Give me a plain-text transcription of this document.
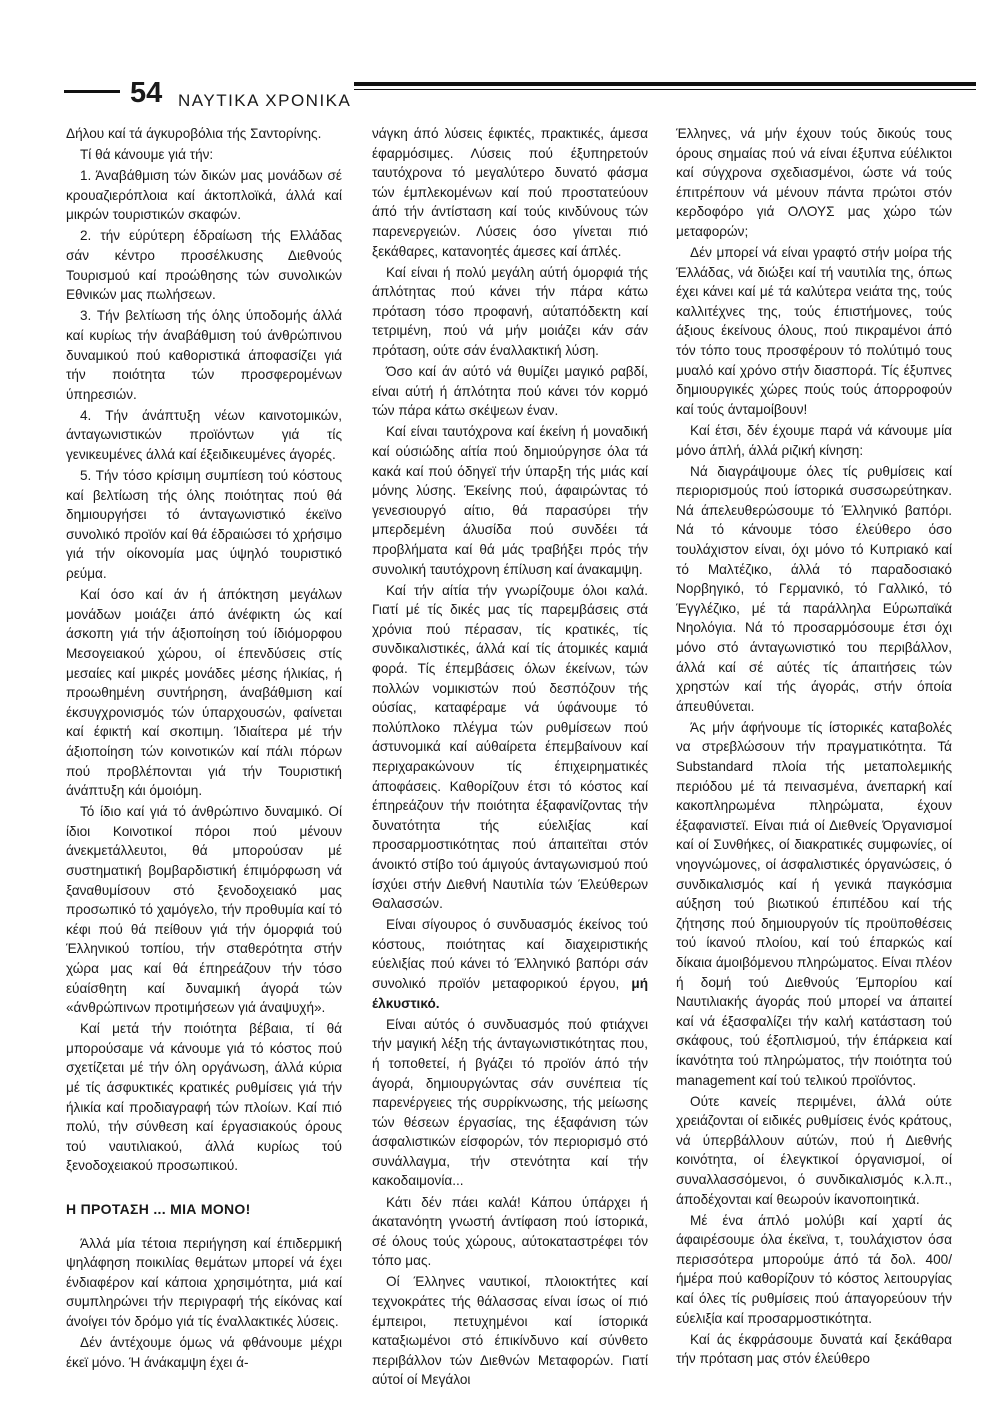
54 ΝΑΥΤΙΚΑ ΧΡΟΝΙΚΑ

Δήλου καί τά άγκυροβόλια τής Σαντορίνης.

Τί θά κάνουμε γιά τήν:

1. Άναβάθμιση τών δικών μας μονάδων σέ κρουαζιερόπλοια καί άκτοπλοϊκά, άλλά καί μικρών τουριστικών σκαφών.

2. τήν εύρύτερη έδραίωση τής Ελλάδας σάν κέντρο προσέλκυσης Διεθνούς Τουρισμού καί προώθησης τών συνολικών Εθνικών μας πωλήσεων.

3. Τήν βελτίωση τής όλης ύποδομής άλλά καί κυρίως τήν άναβάθμιση τού άνθρώπινου δυναμικού πού καθοριστικά άποφασίζει γιά τήν ποιότητα τών προσφερομένων ύπηρεσιών.

4. Τήν άνάπτυξη νέων καινοτομικών, άνταγωνιστικών προϊόντων γιά τίς γενικευμένες άλλά καί έξειδικευμένες άγορές.

5. Τήν τόσο κρίσιμη συμπίεση τού κόστους καί βελτίωση τής όλης ποιότητας πού θά δημιουργήσει τό άνταγωνιστικό έκεϊνο συνολικό προϊόν καί θά έδραιώσει τό χρήσιμο γιά τήν οίκονομία μας ύψηλό τουριστικό ρεύμα.

Καί όσο καί άν ή άπόκτηση μεγάλων μονάδων μοιάζει άπό άνέφικτη ώς καί άσκοπη γιά τήν άξιοποίηση τού ίδιόμορφου Μεσογειακού χώρου, οί έπενδύσεις στίς μεσαίες καί μικρές μονάδες μέσης ήλικίας, ή προωθημένη συντήρηση, άναβάθμιση καί έκσυγχρονισμός τών ύπαρχουσών, φαίνεται καί έφικτή καί σκοπιμη. Ίδιαίτερα μέ τήν άξιοποίηση τών κοινοτικών καί πάλι πόρων πού προβλέπονται γιά τήν Τουριστική άνάπτυξη κάι όμοιόμη.

Τό ίδιο καί γιά τό άνθρώπινο δυναμικό. Οί ίδιοι Κοινοτικοί πόροι πού μένουν άνεκμετάλλευτοι, θά μπορούσαν μέ συστηματική βομβαρδιστική έπιμόρφωση νά ξαναθυμίσουν στό ξενοδοχειακό μας προσωπικό τό χαμόγελο, τήν προθυμία καί τό κέφι πού θά πείθουν γιά τήν όμορφιά τού Έλληνικού τοπίου, τήν σταθερότητα στήν χώρα μας καί θά έπηρεάζουν τήν τόσο εύαίσθητη καί δυναμική άγορά τών «άνθρώπινων προτιμήσεων γιά άναψυχή».

Καί μετά τήν ποιότητα βέβαια, τί θά μπορούσαμε νά κάνουμε γιά τό κόστος πού σχετίζεται μέ τήν όλη οργάνωση, άλλά κύρια μέ τίς άσφυκτικές κρατικές ρυθμίσεις γιά τήν ήλικία καί προδιαγραφή τών πλοίων. Καί πιό πολύ, τήν σύνθεση καί έργασιακούς όρους τού ναυτιλιακού, άλλά κυρίως τού ξενοδοχειακού προσωπικού.

Η ΠΡΟΤΑΣΗ ... ΜΙΑ ΜΟΝΟ!

Άλλά μία τέτοια περιήγηση καί έπιδερμική ψηλάφηση ποικιλίας θεμάτων μπορεί νά έχει ένδιαφέρον καί κάποια χρησιμότητα, μιά καί συμπληρώνει τήν περιγραφή τής είκόνας καί άνοίγει τόν δρόμο γιά τίς έναλλακτικές λύσεις.

Δέν άντέχουμε όμως νά φθάνουμε μέχρι έκεϊ μόνο. Ή άνάκαμψη έχει ά-

νάγκη άπό λύσεις έφικτές, πρακτικές, άμεσα έφαρμόσιμες. Λύσεις πού έξυπηρετούν ταυτόχρονα τό μεγαλύτερο δυνατό φάσμα τών έμπλεκομένων καί πού προστατεύουν άπό τήν άντίσταση καί τούς κινδύνους τών παρενεργειών. Λύσεις όσο γίνεται πιό ξεκάθαρες, κατανοητές άμεσες καί άπλές.

Καί είναι ή πολύ μεγάλη αύτή όμορφιά τής άπλότητας πού κάνει τήν πάρα κάτω πρόταση τόσο προφανή, αύταπόδεκτη καί τετριμένη, πού νά μήν μοιάζει κάν σάν πρόταση, ούτε σάν έναλλακτική λύση.

Όσο καί άν αύτό νά θυμίζει μαγικό ραβδί, είναι αύτή ή άπλότητα πού κάνει τόν κορμό τών πάρα κάτω σκέψεων έναν.

Καί είναι ταυτόχρονα καί έκείνη ή μοναδική καί ούσιώδης αίτία πού δημιούργησε όλα τά κακά καί πού όδηγεϊ τήν ύπαρξη τής μιάς καί μόνης λύσης. Έκείνης πού, άφαιρώντας τό γενεσιουργό αίτιο, θά παρασύρει τήν μπερδεμένη άλυσίδα πού συνδέει τά προβλήματα καί θά μάς τραβήξει πρός τήν συνολική ταυτόχρονη έπίλυση καί άνακαμψη.

Καί τήν αίτία τήν γνωρίζουμε όλοι καλά. Γιατί μέ τίς δικές μας τίς παρεμβάσεις στά χρόνια πού πέρασαν, τίς κρατικές, τίς συνδικαλιστικές, άλλά καί τίς άτομικές καμιά φορά. Τίς έπεμβάσεις όλων έκείνων, τών πολλών νομικιστών πού δεσπόζουν τής ούσίας, καταφέραμε νά ύφάνουμε τό πολύπλοκο πλέγμα τών ρυθμίσεων πού άστυνομικά καί αύθαίρετα έπεμβαίνουν καί περιχαρακώνουν τίς έπιχειρηματικές άποφάσεις. Καθορίζουν έτσι τό κόστος καί έπηρεάζουν τήν ποιότητα έξαφανίζοντας τήν δυνατότητα τής εύελιξίας καί προσαρμοστικότητας πού άπαιτεϊται στόν άνοικτό στίβο τού άμιγούς άνταγωνισμού πού ίσχύει στήν Διεθνή Ναυτιλία τών Έλεύθερων Θαλασσών.

Είναι σίγουρος ό συνδυασμός έκείνος τού κόστους, ποιότητας καί διαχειριστικής εύελιξίας πού κάνει τό Έλληνικό βαπόρι σάν συνολικό προϊόν μεταφορικού έργου, μή έλκυστικό.

Είναι αύτός ό συνδυασμός πού φτιάχνει τήν μαγική λέξη τής άνταγωνιστικότητας που, ή τοποθετεί, ή βγάζει τό προϊόν άπό τήν άγορά, δημιουργώντας σάν συνέπεια τίς παρενέργειες τής συρρίκνωσης, τής μείωσης τών θέσεων έργασίας, της έξαφάνιση τών άσφαλιστικών είσφορών, τόν περιορισμό στό συνάλλαγμα, τήν στενότητα καί τήν κακοδαιμονία...

Κάτι δέν πάει καλά! Κάπου ύπάρχει ή άκατανόητη γνωστή άντίφαση πού ίστορικά, σέ όλους τούς χώρους, αύτοκαταστρέφει τόν τόπο μας.

Οί Έλληνες ναυτικοί, πλοιοκτήτες καί τεχνοκράτες τής θάλασσας είναι ίσως οί πιό έμπειροι, πετυχημένοι καί ίστορικά καταξιωμένοι στό έπικίνδυνο καί σύνθετο περιβάλλον τών Διεθνών Μεταφορών. Γιατί αύτοί οί Μεγάλοι

Έλληνες, νά μήν έχουν τούς δικούς τους όρους σημαίας πού νά είναι έξυπνα εύέλικτοι καί σύγχρονα σχεδιασμένοι, ώστε νά τούς έπιτρέπουν νά μένουν πάντα πρώτοι στόν κερδοφόρο γιά ΟΛΟΥΣ μας χώρο τών μεταφορών;

Δέν μπορεί νά είναι γραφτό στήν μοίρα τής Έλλάδας, νά διώξει καί τή ναυτιλία της, όπως έχει κάνει καί μέ τά καλύτερα νειάτα της, τούς καλλιτέχνες της, τούς έπιστήμονες, τούς άξιους έκείνους όλους, πού πικραμένοι άπό τόν τόπο τους προσφέρουν τό πολύτιμό τους μυαλό καί χρόνο στήν διασπορά. Τίς έξυπνες δημιουργικές χώρες πούς τούς άπορροφούν καί τούς άνταμοίβουν!

Καί έτσι, δέν έχουμε παρά νά κάνουμε μία μόνο άπλή, άλλά ριζική κίνηση:

Νά διαγράψουμε όλες τίς ρυθμίσεις καί περιορισμούς πού ίστορικά συσσωρεύτηκαν. Νά άπελευθερώσουμε τό Έλληνικό βαπόρι. Νά τό κάνουμε τόσο έλεύθερο όσο τουλάχιστον είναι, όχι μόνο τό Κυπριακό καί τό Μαλτέζικο, άλλά τό παραδοσιακό Νορβηγικό, τό Γερμανικό, τό Γαλλικό, τό Έγγλέζικο, μέ τά παράλληλα Εύρωπαϊκά Νηολόγια. Νά τό προσαρμόσουμε έτσι όχι μόνο στό άνταγωνιστικό του περιβάλλον, άλλά καί σέ αύτές τίς άπαιτήσεις τών χρηστών καί τής άγοράς, στήν όποία άπευθύνεται.

Άς μήν άφήνουμε τίς ίστορικές καταβολές να στρεβλώσουν τήν πραγματικότητα. Τά Substandard πλοία τής μεταπολεμικής περιόδου μέ τά πεινασμένα, άνεπαρκή καί κακοπληρωμένα πληρώματα, έχουν έξαφανιστεϊ. Είναι πιά οί Διεθνείς Όργανισμοί καί οί Συνθήκες, οί διακρατικές συμφωνίες, οί νηογνώμονες, οί άσφαλιστικές όργανώσεις, ό συνδικαλισμός καί ή γενικά παγκόσμια αύξηση τού βιωτικού έπιπέδου καί τής ζήτησης πού δημιουργούν τίς προϋποθέσεις τού ίκανού πλοίου, καί τού έπαρκώς καί δίκαια άμοιβόμενου πληρώματος. Είναι πλέον ή δομή τού Διεθνούς Έμπορίου καί Ναυτιλιακής άγοράς πού μπορεί να άπαιτεί καί νά έξασφαλίζει τήν καλή κατάσταση τού σκάφους, τού έξοπλισμού, τήν έπάρκεια καί ίκανότητα τού πληρώματος, τήν ποιότητα τού management καί τού τελικού προϊόντος.

Ούτε κανείς περιμένει, άλλά ούτε χρειάζονται οί ειδικές ρυθμίσεις ένός κράτους, νά ύπερβάλλουν αύτών, πού ή Διεθνής κοινότητα, οί έλεγκτικοί όργανισμοί, οί συναλλασσόμενοι, ό συνδικαλισμός κ.λ.π., άποδέχονται καί θεωρούν ίκανοποιητικά.

Μέ ένα άπλό μολύβι καί χαρτί άς άφαιρέσουμε όλα έκεϊνα, τ, τουλάχιστον όσα περισσότερα μπορούμε άπό τά δολ. 400/ήμέρα πού καθορίζουν τό κόστος λειτουργίας καί όλες τίς ρυθμίσεις πού άπαγορεύουν τήν εύελιξία καί προσαρμοστικότητα.

Καί άς έκφράσουμε δυνατά καί ξεκάθαρα τήν πρόταση μας στόν έλεύθερο
